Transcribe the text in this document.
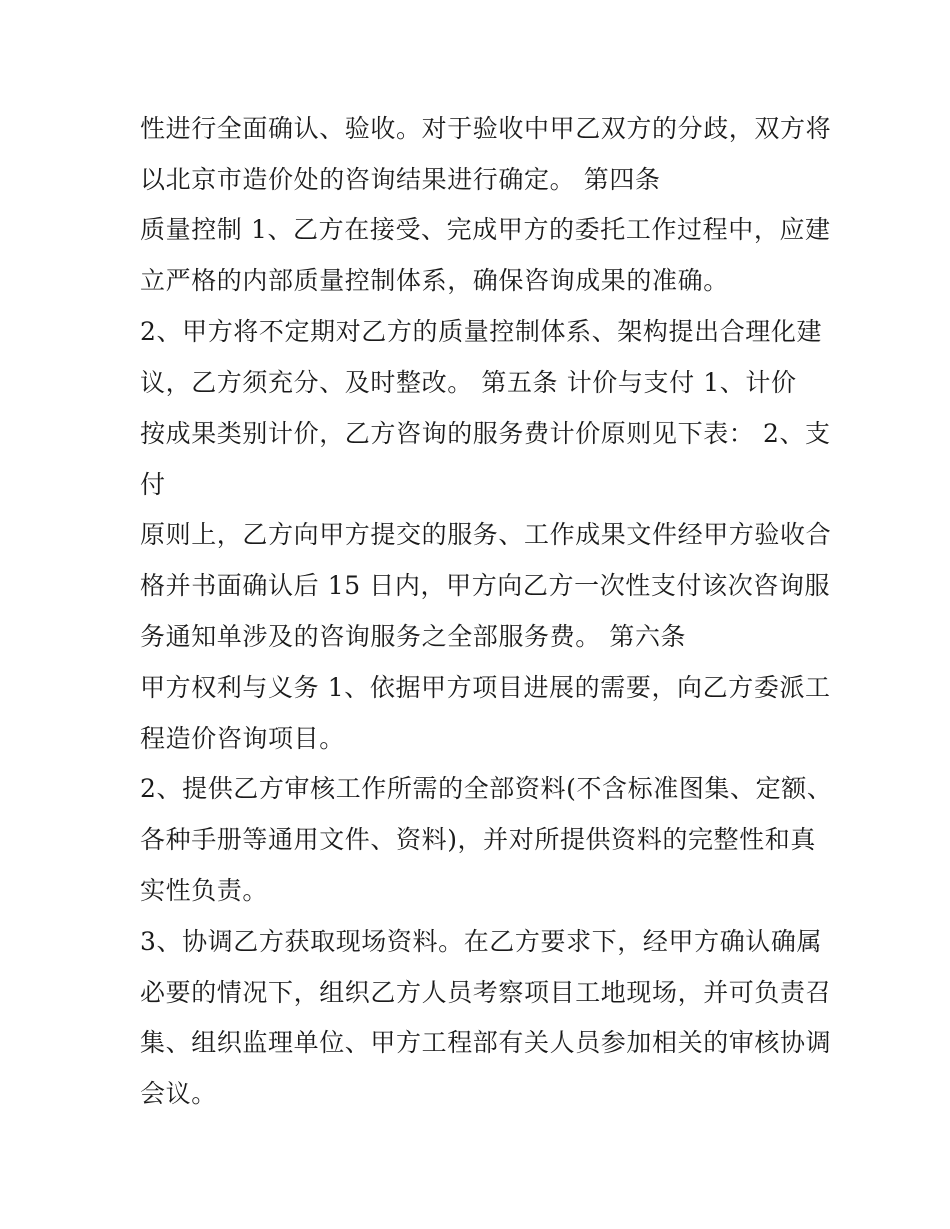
性进行全面确认、验收。对于验收中甲乙双方的分歧，双方将
以北京市造价处的咨询结果进行确定。 第四条
质量控制 1、乙方在接受、完成甲方的委托工作过程中，应建
立严格的内部质量控制体系，确保咨询成果的准确。
2、甲方将不定期对乙方的质量控制体系、架构提出合理化建
议，乙方须充分、及时整改。 第五条 计价与支付 1、计价
按成果类别计价，乙方咨询的服务费计价原则见下表： 2、支
付
原则上，乙方向甲方提交的服务、工作成果文件经甲方验收合
格并书面确认后 15 日内，甲方向乙方一次性支付该次咨询服
务通知单涉及的咨询服务之全部服务费。 第六条
甲方权利与义务 1、依据甲方项目进展的需要，向乙方委派工
程造价咨询项目。
2、提供乙方审核工作所需的全部资料(不含标准图集、定额、
各种手册等通用文件、资料)，并对所提供资料的完整性和真
实性负责。
3、协调乙方获取现场资料。在乙方要求下，经甲方确认确属
必要的情况下，组织乙方人员考察项目工地现场，并可负责召
集、组织监理单位、甲方工程部有关人员参加相关的审核协调
会议。
